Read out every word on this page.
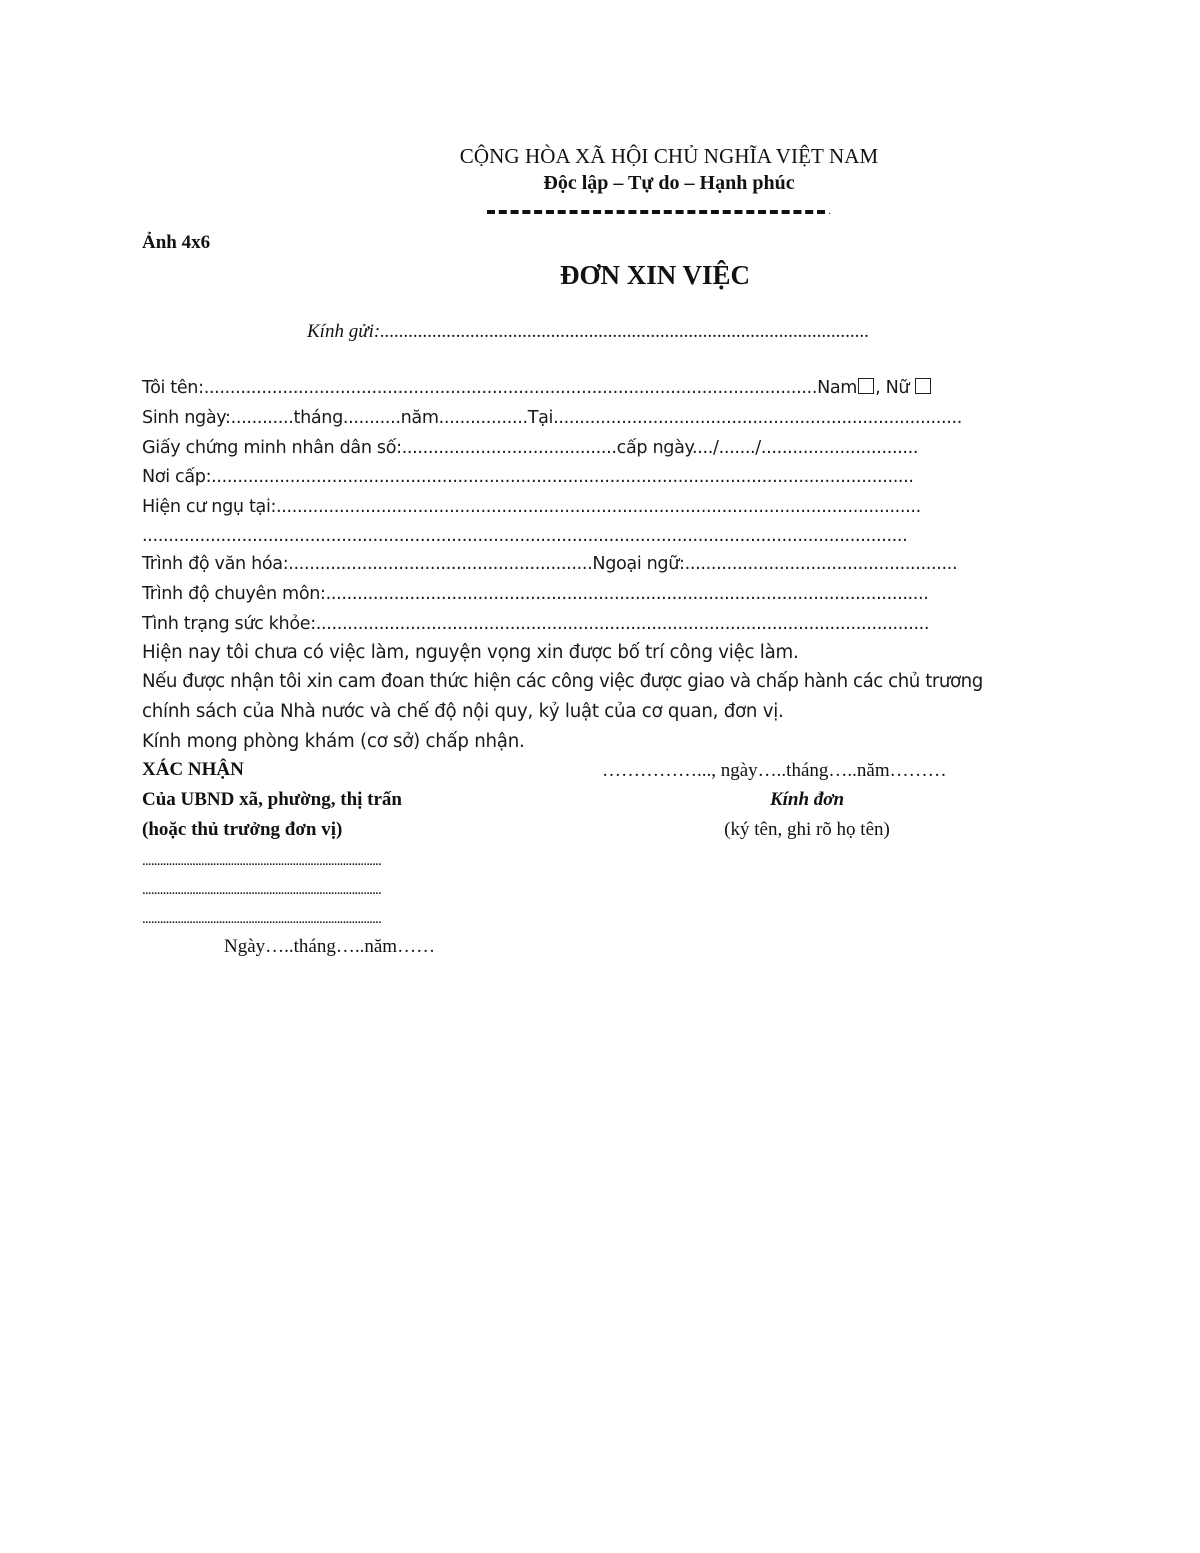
CỘNG HÒA XÃ HỘI CHỦ NGHĨA VIỆT NAM
Độc lập – Tự do – Hạnh phúc
·
Ảnh 4x6
ĐƠN XIN VIỆC
Kính gửi:.......................................................................................................
Tôi tên:.....................................................................................................................Nam , Nữ
Sinh ngày:............tháng...........năm.................Tại..............................................................................
Giấy chứng minh nhân dân số:.........................................cấp ngày..../......./..............................
Nơi cấp:......................................................................................................................................
Hiện cư ngụ tại:...........................................................................................................................
..................................................................................................................................................
Trình độ văn hóa:..........................................................Ngoại ngữ:....................................................
Trình độ chuyên môn:...................................................................................................................
Tình trạng sức khỏe:.....................................................................................................................
Hiện nay tôi chưa có việc làm, nguyện vọng xin được bố trí công việc làm.
Nếu được nhận tôi xin cam đoan thức hiện các công việc được giao và chấp hành các chủ trương
chính sách của Nhà nước và chế độ nội quy, kỷ luật của cơ quan, đơn vị.
Kính mong phòng khám (cơ sở) chấp nhận.
XÁC NHẬN
Của UBND xã, phường, thị trấn
(hoặc thủ trưởng đơn vị)
.................................................................................
.................................................................................
.................................................................................
Ngày…..tháng…..năm……
……………..., ngày…..tháng…..năm………
Kính đơn
(ký tên, ghi rõ họ tên)
